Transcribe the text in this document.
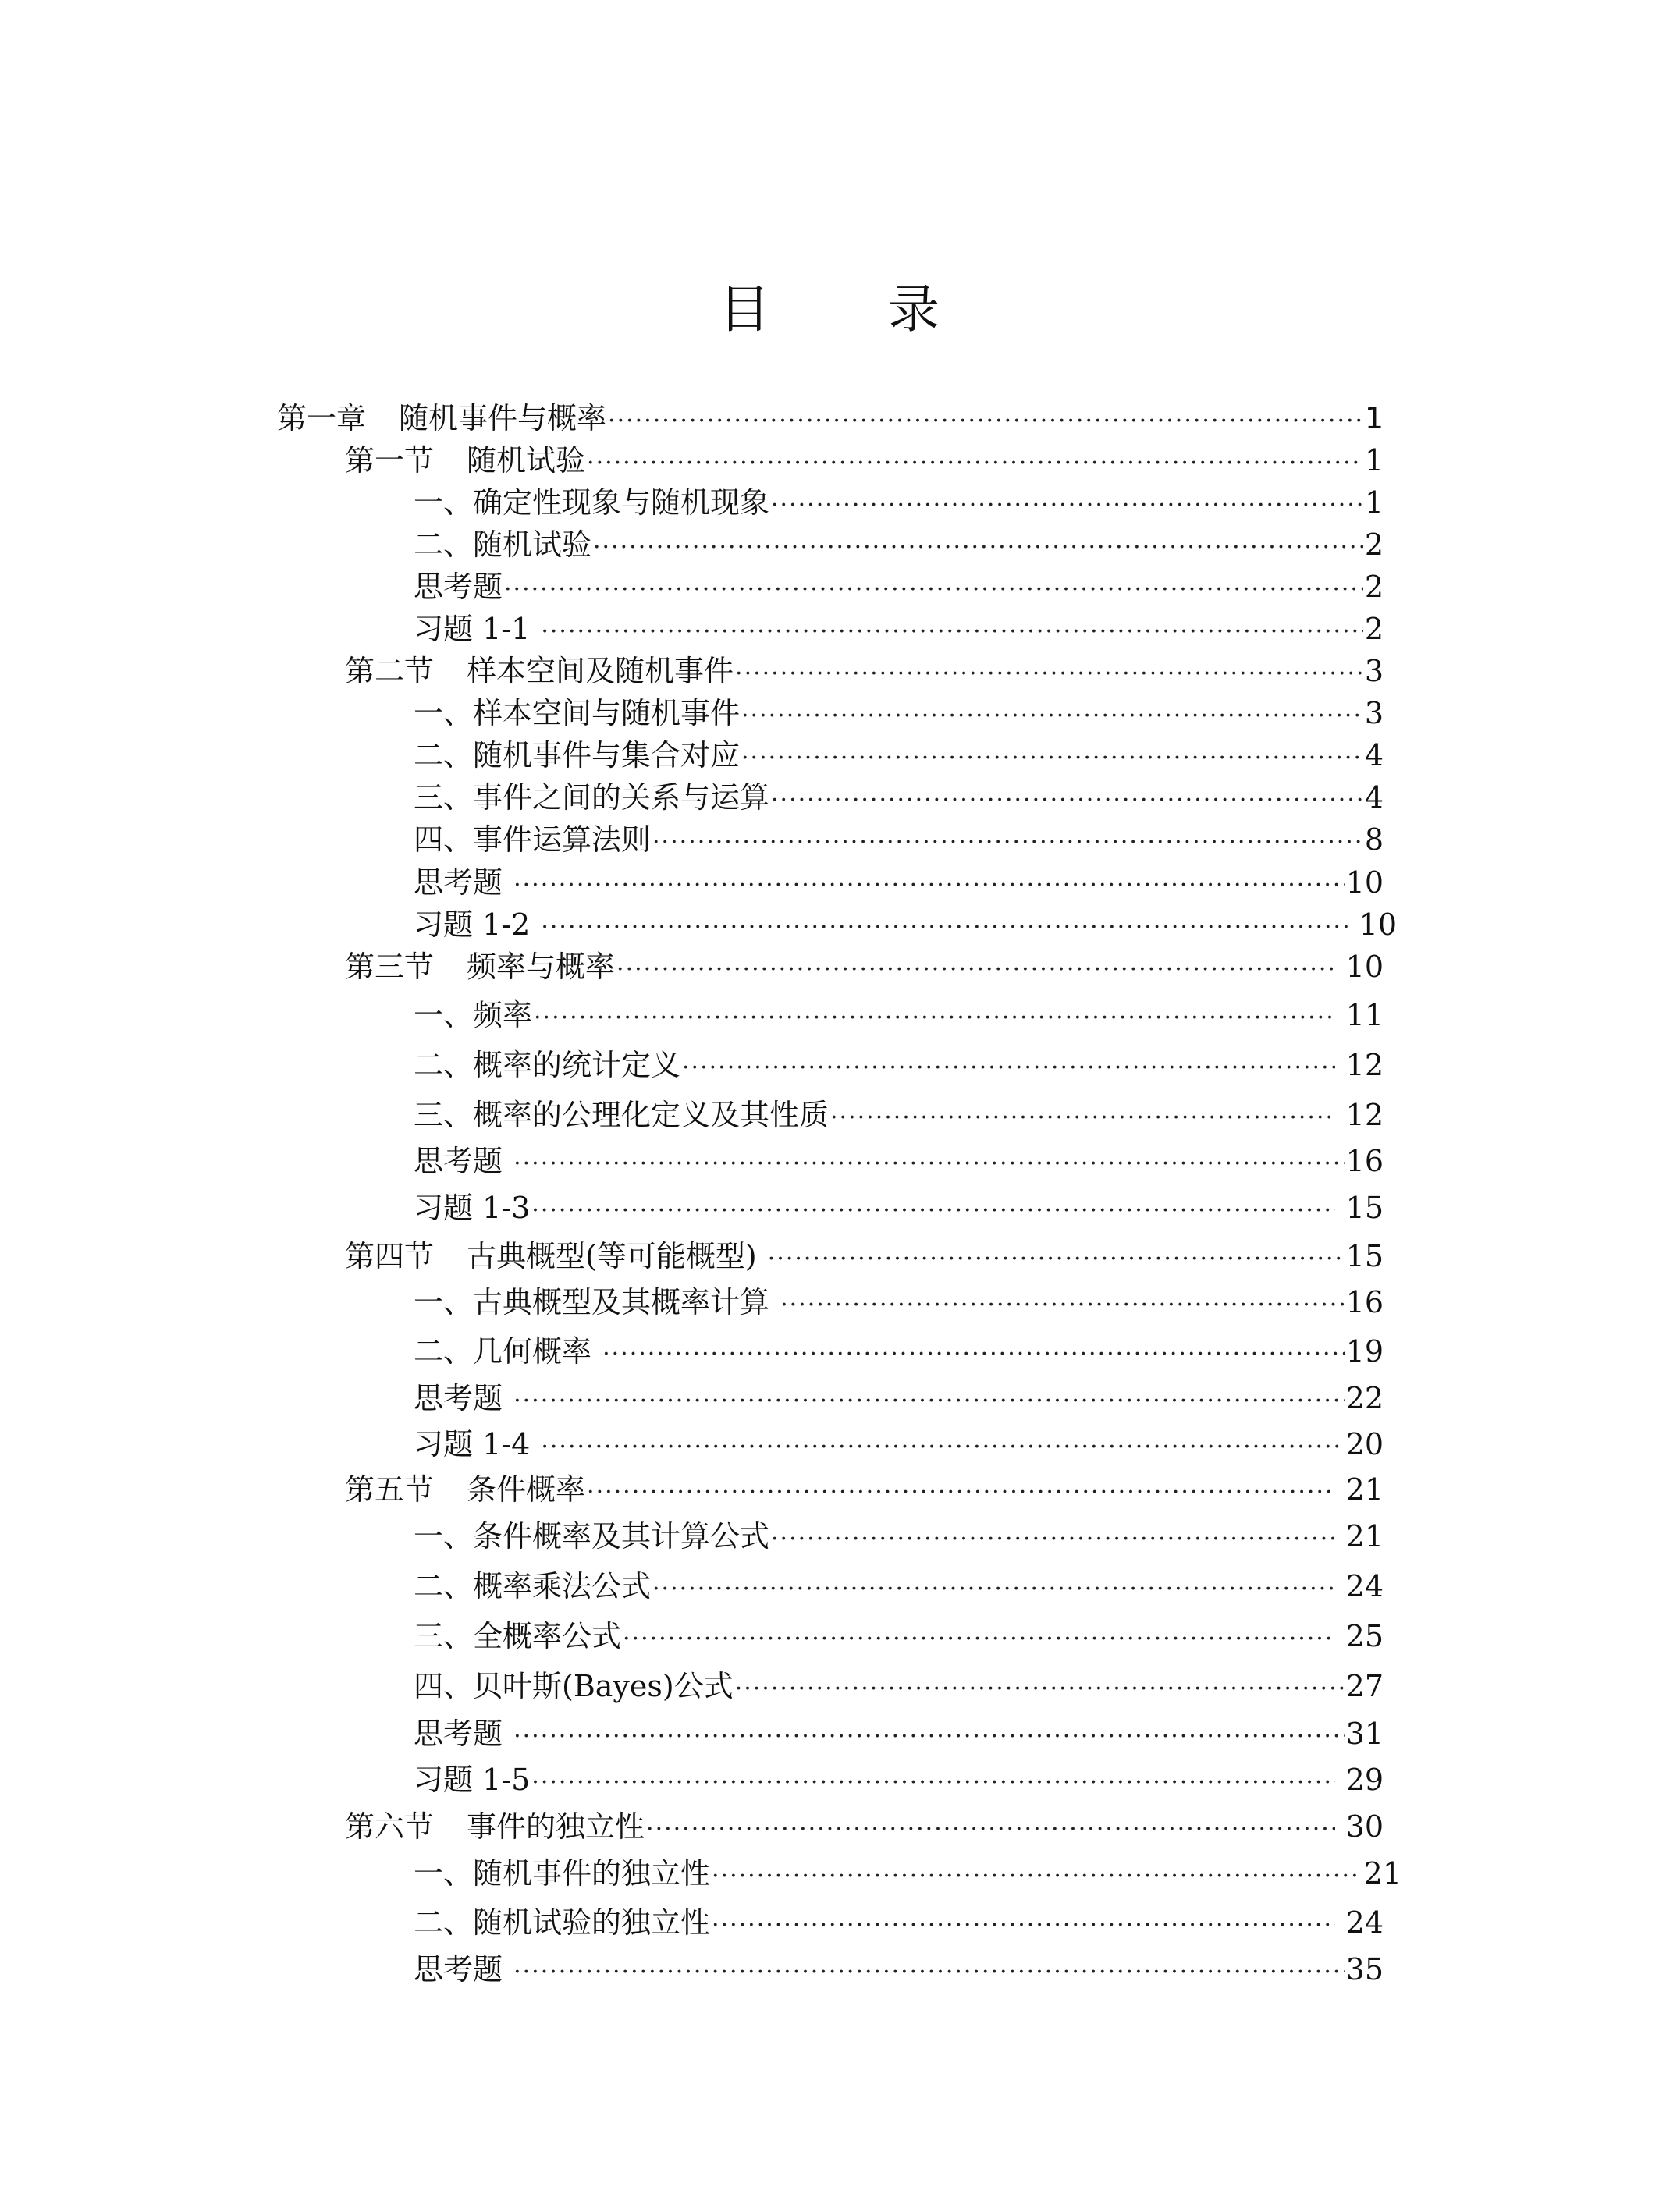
目 录
第一章 随机事件与概率 ·····	1
第一节 随机试验 ·····	1
一、确定性现象与随机现象 ·····	1
二、随机试验 ·····	2
思考题 ·····	2
习题 1-1 ·····	2
第二节 样本空间及随机事件 ·····	3
一、样本空间与随机事件 ·····	3
二、随机事件与集合对应 ·····	4
三、事件之间的关系与运算 ·····	4
四、事件运算法则 ·····	8
思考题 ·····	10
习题 1-2 ·····	10
第三节 频率与概率 ·····	10
一、频率 ·····	11
二、概率的统计定义 ·····	12
三、概率的公理化定义及其性质 ·····	12
思考题 ·····	16
习题 1-3 ·····	15
第四节 古典概型(等可能概型) ·····	15
一、古典概型及其概率计算 ·····	16
二、几何概率 ·····	19
思考题 ·····	22
习题 1-4 ·····	20
第五节 条件概率 ·····	21
一、条件概率及其计算公式 ·····	21
二、概率乘法公式 ·····	24
三、全概率公式 ·····	25
四、贝叶斯(Bayes)公式 ·····	27
思考题 ·····	31
习题 1-5 ·····	29
第六节 事件的独立性 ·····	30
一、随机事件的独立性 ·····	21
二、随机试验的独立性 ·····	24
思考题 ·····	35
